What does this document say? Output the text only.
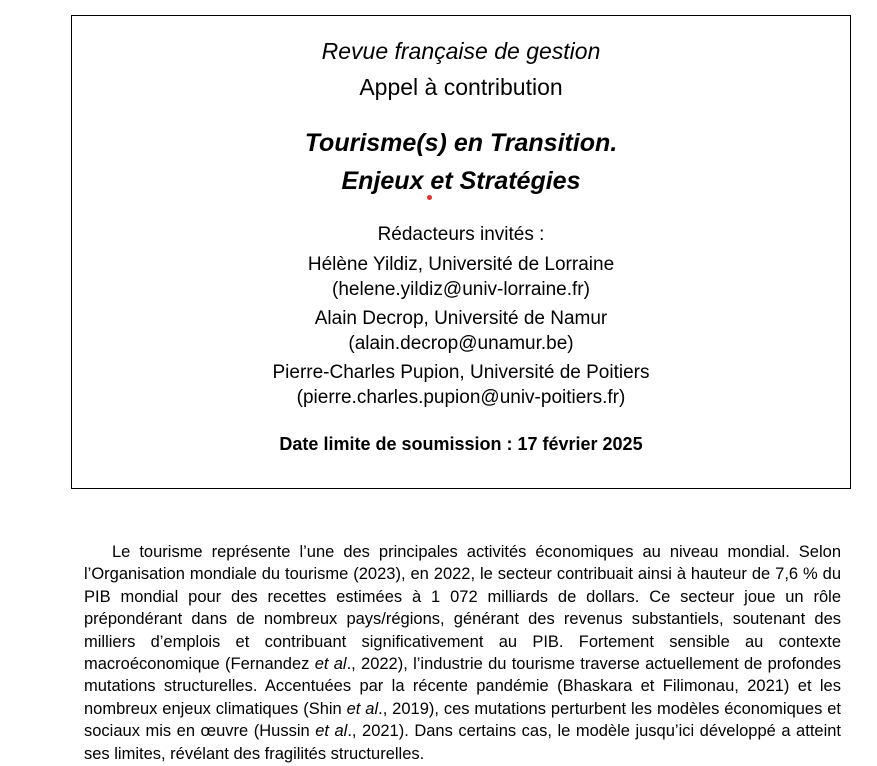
Revue française de gestion
Appel à contribution
Tourisme(s) en Transition.
Enjeux et Stratégies
Rédacteurs invités :
Hélène Yildiz, Université de Lorraine
(helene.yildiz@univ-lorraine.fr)
Alain Decrop, Université de Namur
(alain.decrop@unamur.be)
Pierre-Charles Pupion, Université de Poitiers
(pierre.charles.pupion@univ-poitiers.fr)
Date limite de soumission : 17 février 2025

Le tourisme représente l’une des principales activités économiques au niveau mondial. Selon l’Organisation mondiale du tourisme (2023), en 2022, le secteur contribuait ainsi à hauteur de 7,6 % du PIB mondial pour des recettes estimées à 1 072 milliards de dollars. Ce secteur joue un rôle prépondérant dans de nombreux pays/régions, générant des revenus substantiels, soutenant des milliers d’emplois et contribuant significativement au PIB. Fortement sensible au contexte macroéconomique (Fernandez et al., 2022), l’industrie du tourisme traverse actuellement de profondes mutations structurelles. Accentuées par la récente pandémie (Bhaskara et Filimonau, 2021) et les nombreux enjeux climatiques (Shin et al., 2019), ces mutations perturbent les modèles économiques et sociaux mis en œuvre (Hussin et al., 2021). Dans certains cas, le modèle jusqu’ici développé a atteint ses limites, révélant des fragilités structurelles.
